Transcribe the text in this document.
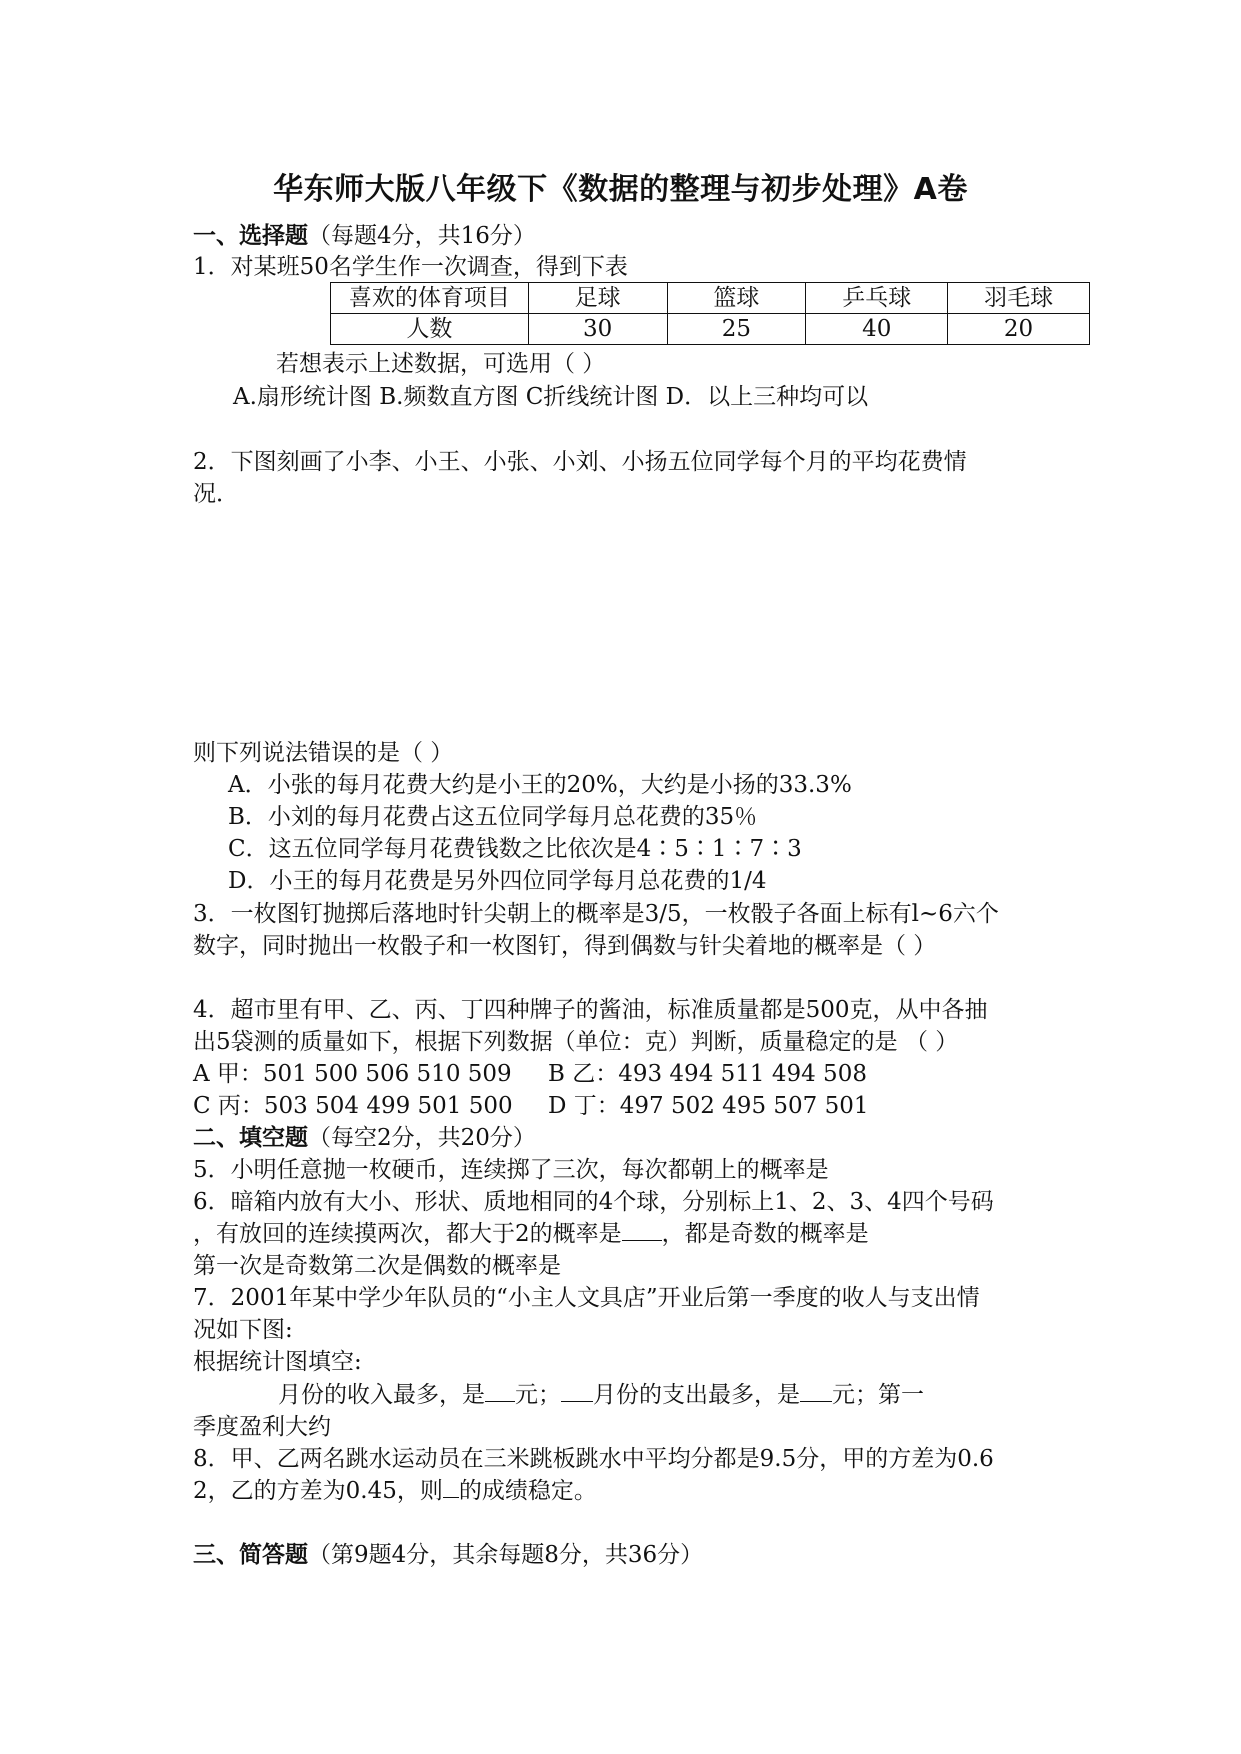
华东师大版八年级下《数据的整理与初步处理》A卷
一、选择题（每题4分，共16分）
1．对某班50名学生作一次调查，得到下表
喜欢的体育项目	足球	篮球	乒乓球	羽毛球
人数	30	25	40	20
若想表示上述数据，可选用（ ）
A.扇形统计图 B.频数直方图 C折线统计图 D．以上三种均可以
2．下图刻画了小李、小王、小张、小刘、小扬五位同学每个月的平均花费情
况．
则下列说法错误的是（ ）
A．小张的每月花费大约是小王的20%，大约是小扬的33.3%
B．小刘的每月花费占这五位同学每月总花费的35％
C．这五位同学每月花费钱数之比依次是4∶5∶1∶7∶3
D．小王的每月花费是另外四位同学每月总花费的1/4
3．一枚图钉抛掷后落地时针尖朝上的概率是3/5，一枚骰子各面上标有l~6六个
数字，同时抛出一枚骰子和一枚图钉，得到偶数与针尖着地的概率是（ ）
4．超市里有甲、乙、丙、丁四种牌子的酱油，标准质量都是500克，从中各抽
出5袋测的质量如下，根据下列数据（单位：克）判断，质量稳定的是 （ ）
A 甲：501 500 506 510 509 B 乙：493 494 511 494 508
C 丙：503 504 499 501 500 D 丁：497 502 495 507 501
二、填空题（每空2分，共20分）
5．小明任意抛一枚硬币，连续掷了三次，每次都朝上的概率是
6．暗箱内放有大小、形状、质地相同的4个球，分别标上1、2、3、4四个号码
，有放回的连续摸两次，都大于2的概率是 ，都是奇数的概率是
第一次是奇数第二次是偶数的概率是
7．2001年某中学少年队员的“小主人文具店”开业后第一季度的收人与支出情
况如下图:
根据统计图填空:
月份的收入最多，是 元； 月份的支出最多，是 元；第一
季度盈利大约
8．甲、乙两名跳水运动员在三米跳板跳水中平均分都是9.5分，甲的方差为0.6
2，乙的方差为0.45，则 的成绩稳定。
三、简答题（第9题4分，其余每题8分，共36分）
